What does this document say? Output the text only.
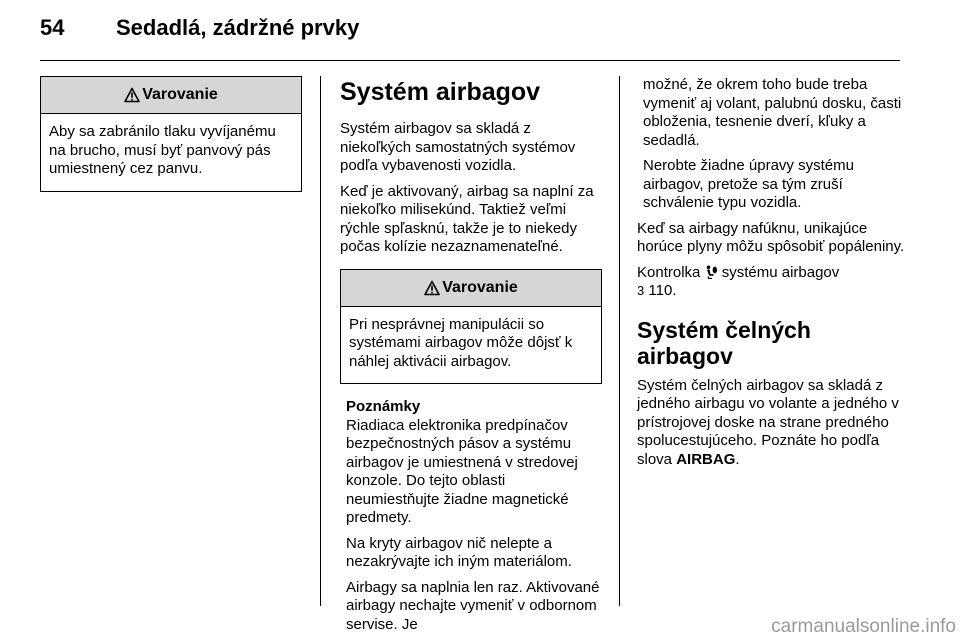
54 Sedadlá, zádržné prvky
Varovanie
Aby sa zabránilo tlaku vyvíjanému na brucho, musí byť panvový pás umiestnený cez panvu.
Systém airbagov

Systém airbagov sa skladá z niekoľkých samostatných systémov podľa vybavenosti vozidla.

Keď je aktivovaný, airbag sa naplní za niekoľko milisekúnd. Taktiež veľmi rýchle spľasknú, takže je to niekedy počas kolízie nezaznamenateľné.

Varovanie
Pri nesprávnej manipulácii so systémami airbagov môže dôjsť k náhlej aktivácii airbagov.
Poznámky

Riadiaca elektronika predpínačov bezpečnostných pásov a systému airbagov je umiestnená v stredovej konzole. Do tejto oblasti neumiestňujte žiadne magnetické predmety.

Na kryty airbagov nič nelepte a nezakrývajte ich iným materiálom.

Airbagy sa naplnia len raz. Aktivované airbagy nechajte vymeniť v odbornom servise. Je

možné, že okrem toho bude treba vymeniť aj volant, palubnú dosku, časti obloženia, tesnenie dverí, kľuky a sedadlá.

Nerobte žiadne úpravy systému airbagov, pretože sa tým zruší schválenie typu vozidla.

Keď sa airbagy nafúknu, unikajúce horúce plyny môžu spôsobiť popáleniny.

Kontrolka systému airbagov

3 110.

Systém čelných airbagov

Systém čelných airbagov sa skladá z jedného airbagu vo volante a jedného v prístrojovej doske na strane predného spolucestujúceho. Poznáte ho podľa slova AIRBAG.

carmanualsonline.info
